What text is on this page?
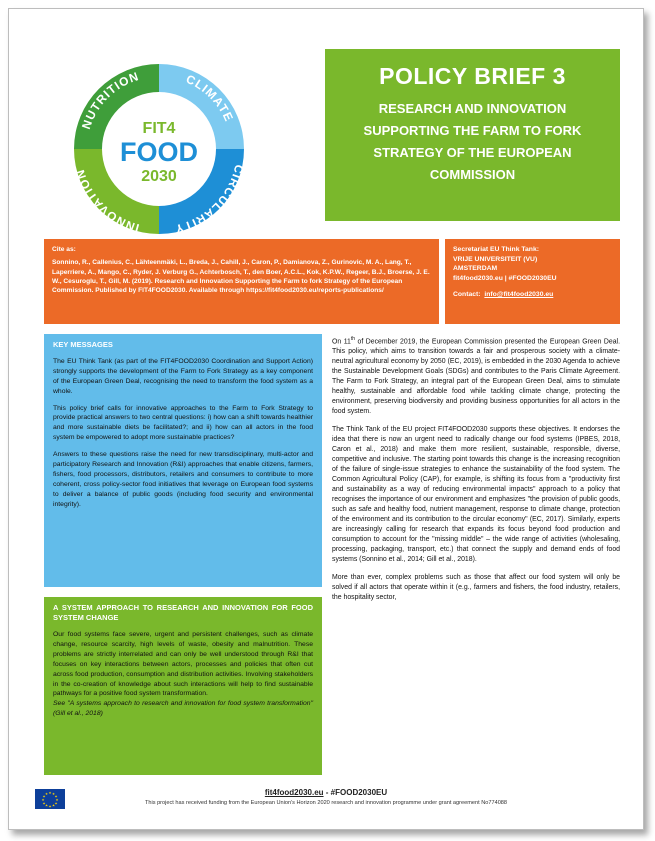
NUTRITION	CLIMATE
CIRCULARITY
INNOVATION
FIT4
FOOD
2030
POLICY BRIEF 3
RESEARCH AND INNOVATION SUPPORTING THE FARM TO FORK STRATEGY OF THE EUROPEAN COMMISSION

Cite as:

Sonnino, R., Callenius, C., Lähteenmäki, L., Breda, J., Cahill, J., Caron, P., Damianova, Z., Gurinovic, M. A., Lang, T., Laperriere, A., Mango, C., Ryder, J. Verburg G., Achterbosch, T., den Boer, A.C.L., Kok, K.P.W., Regeer, B.J., Broerse, J. E. W., Cesuroglu, T., Gill, M. (2019). Research and Innovation Supporting the Farm to fork Strategy of the European Commission. Published by FIT4FOOD2030. Available through https://fit4food2030.eu/reports-publications/

Secretariat EU Think Tank:

VRIJE UNIVERSITEIT (VU)

AMSTERDAM

fit4food2030.eu | #FOOD2030EU

Contact: info@fit4food2030.eu

KEY MESSAGES

The EU Think Tank (as part of the FIT4FOOD2030 Coordination and Support Action) strongly supports the development of the Farm to Fork Strategy as a key component of the European Green Deal, recognising the need to transform the food system as a whole.

This policy brief calls for innovative approaches to the Farm to Fork Strategy to provide practical answers to two central questions: i) how can a shift towards healthier and more sustainable diets be facilitated?; and ii) how can all actors in the food system be empowered to adopt more sustainable practices?

Answers to these questions raise the need for new transdisciplinary, multi-actor and participatory Research and Innovation (R&I) approaches that enable citizens, farmers, fishers, food processors, distributors, retailers and consumers to contribute to more coherent, cross policy-sector food initiatives that leverage on European food systems to deliver a balance of public goods (including food security and environmental integrity).

A SYSTEM APPROACH TO RESEARCH AND INNOVATION FOR FOOD SYSTEM CHANGE

Our food systems face severe, urgent and persistent challenges, such as climate change, resource scarcity, high levels of waste, obesity and malnutrition. These problems are strictly interrelated and can only be well understood through R&I that focuses on key interactions between actors, processes and policies that often cut across food production, consumption and distribution activities. Involving stakeholders in the co-creation of knowledge about such interactions will help to find sustainable pathways for a positive food system transformation.

See "A systems approach to research and innovation for food system transformation" (Gill et al., 2018)

On 11th of December 2019, the European Commission presented the European Green Deal. This policy, which aims to transition towards a fair and prosperous society with a climate-neutral agricultural economy by 2050 (EC, 2019), is embedded in the 2030 Agenda to achieve the Sustainable Development Goals (SDGs) and contributes to the Paris Climate Agreement. The Farm to Fork Strategy, an integral part of the European Green Deal, aims to stimulate healthy, sustainable and affordable food while tackling climate change, protecting the environment, preserving biodiversity and providing business opportunities for all actors in the food system.

The Think Tank of the EU project FIT4FOOD2030 supports these objectives. It endorses the idea that there is now an urgent need to radically change our food systems (IPBES, 2018, Caron et al., 2018) and make them more resilient, sustainable, responsible, diverse, competitive and inclusive. The starting point towards this change is the increasing recognition of the failure of single-issue strategies to enhance the sustainability of the food system. The Common Agricultural Policy (CAP), for example, is shifting its focus from a "productivity first and sustainability as a way of reducing environmental impacts" approach to a policy that recognises the importance of our environment and emphasizes "the provision of public goods, such as safe and healthy food, nutrient management, response to climate change, protection of the environment and its contribution to the circular economy" (EC, 2017). Similarly, experts are increasingly calling for research that expands its focus beyond food production and consumption to account for the "missing middle" – the wide range of activities (wholesaling, processing, packaging, transport, etc.) that connect the supply and demand ends of food systems (Sonnino et al., 2014; Gill et al., 2018).

More than ever, complex problems such as those that affect our food system will only be solved if all actors that operate within it (e.g., farmers and fishers, the food industry, retailers, the hospitality sector,

★ ★
★
★
★
★
★
★
★
★
★
★	fit4food2030.eu - #FOOD2030EU
This project has received funding from the European Union's Horizon 2020 research and innovation programme under grant agreement No774088
